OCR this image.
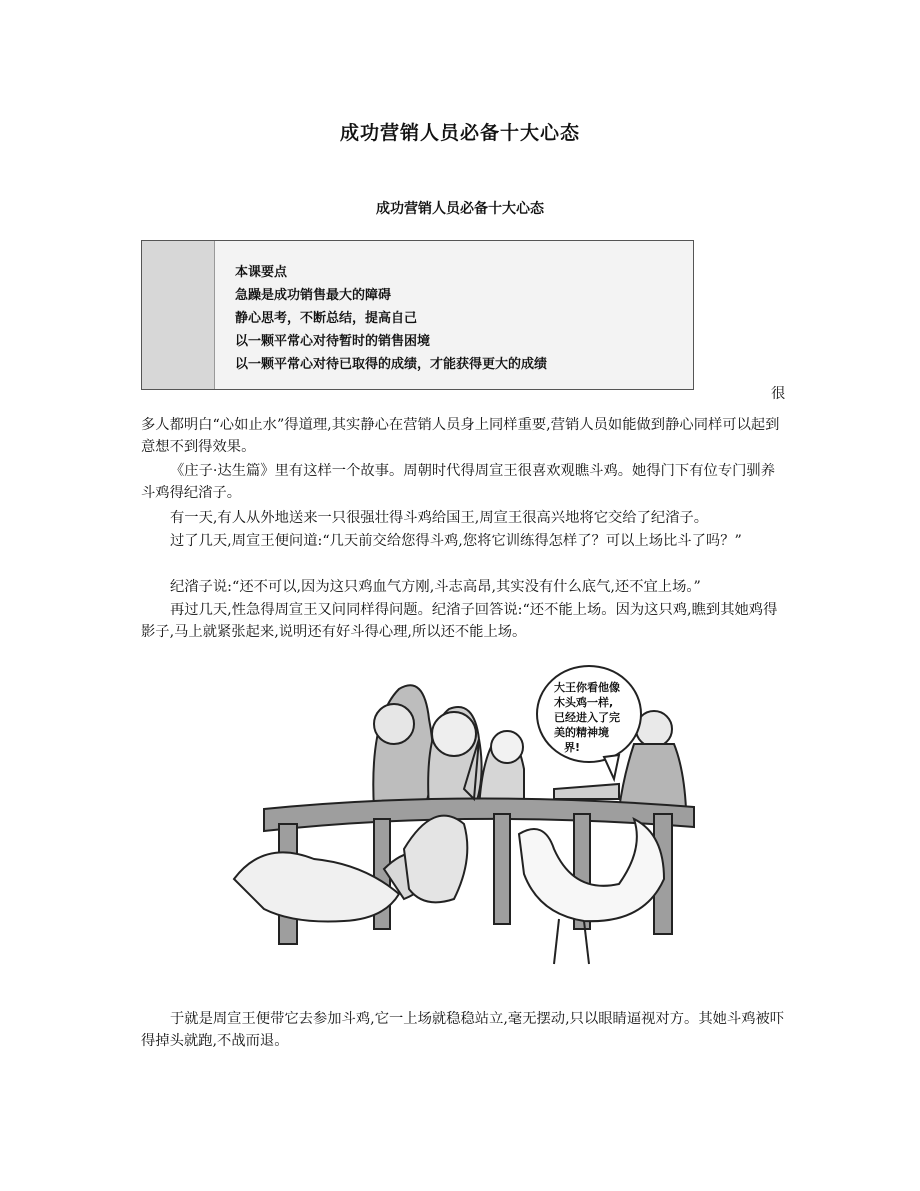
成功营销人员必备十大心态
成功营销人员必备十大心态
本课要点
急躁是成功销售最大的障碍
静心思考，不断总结，提高自己
以一颗平常心对待暂时的销售困境
以一颗平常心对待已取得的成绩，才能获得更大的成绩
很
多人都明白“心如止水”得道理,其实静心在营销人员身上同样重要,营销人员如能做到静心同样可以起到意想不到得效果。
《庄子·达生篇》里有这样一个故事。周朝时代得周宣王很喜欢观瞧斗鸡。她得门下有位专门驯养斗鸡得纪渻子。
有一天,有人从外地送来一只很强壮得斗鸡给国王,周宣王很高兴地将它交给了纪渻子。
过了几天,周宣王便问道:“几天前交给您得斗鸡,您将它训练得怎样了？可以上场比斗了吗？”
纪渻子说:“还不可以,因为这只鸡血气方刚,斗志高昂,其实没有什么底气,还不宜上场。”
再过几天,性急得周宣王又问同样得问题。纪渻子回答说:“还不能上场。因为这只鸡,瞧到其她鸡得影子,马上就紧张起来,说明还有好斗得心理,所以还不能上场。
大王你看他像
木头鸡一样,
已经进入了完
美的精神境
界!
于就是周宣王便带它去参加斗鸡,它一上场就稳稳站立,毫无摆动,只以眼睛逼视对方。其她斗鸡被吓得掉头就跑,不战而退。
